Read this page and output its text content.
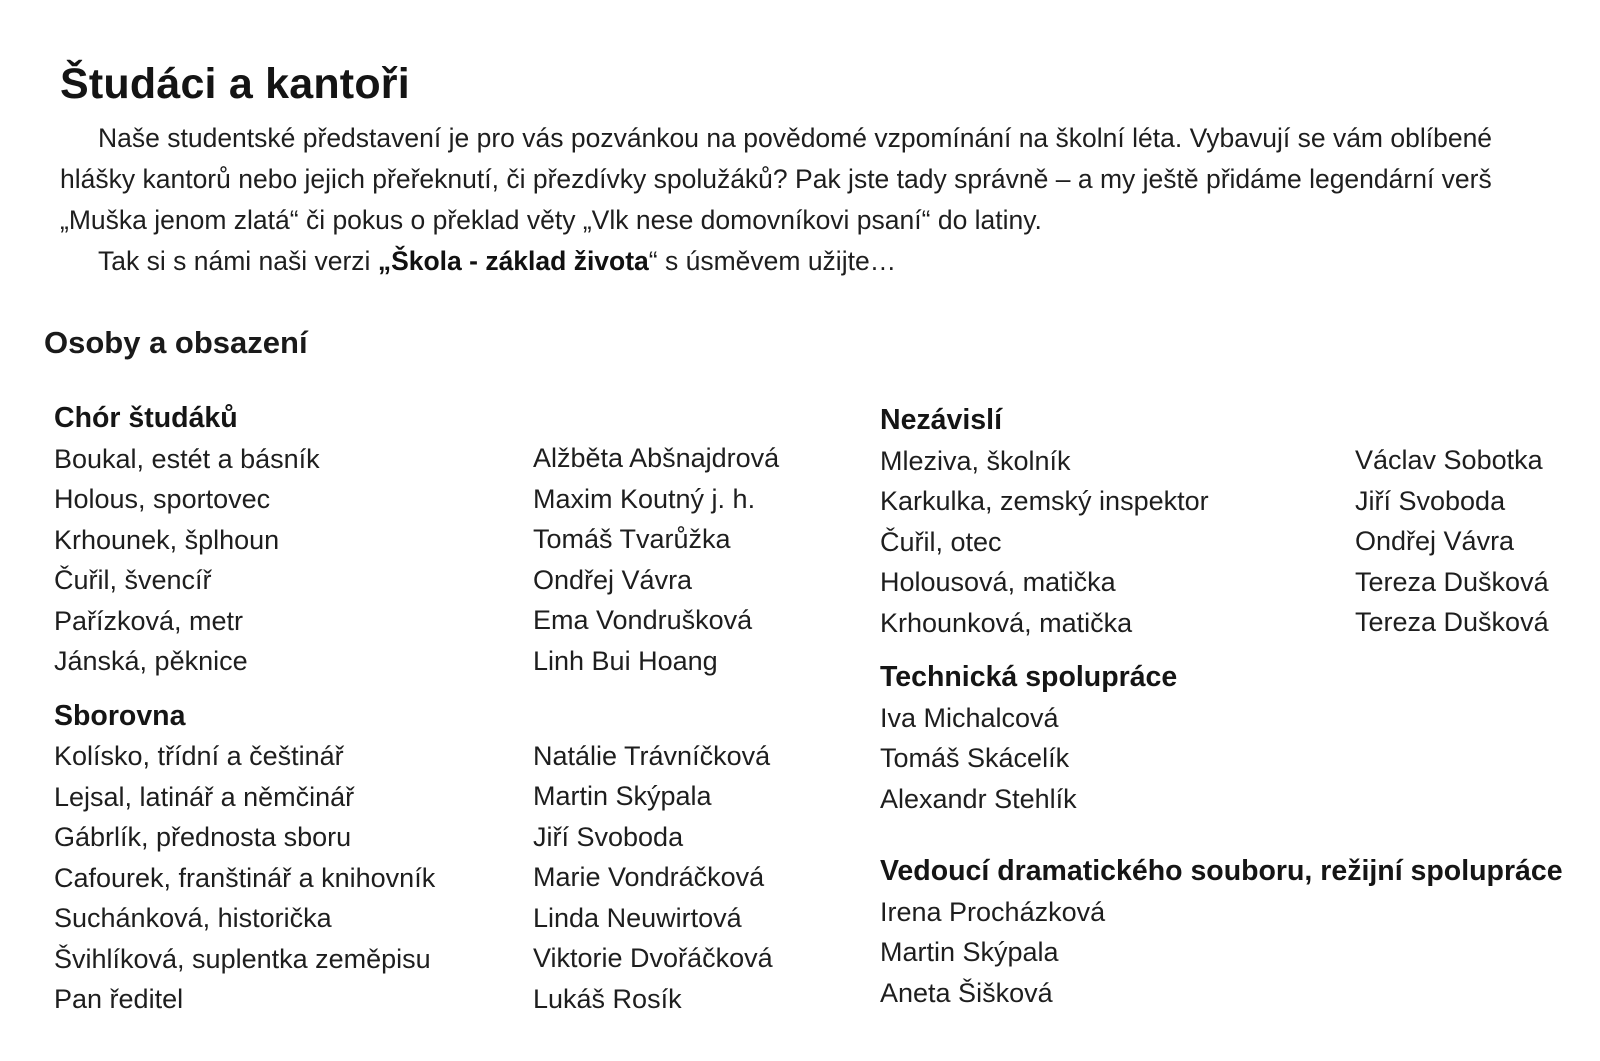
Študáci a kantoři

Naše studentské představení je pro vás pozvánkou na povědomé vzpomínání na školní léta. Vybavují se vám oblíbené hlášky kantorů nebo jejich přeřeknutí, či přezdívky spolužáků? Pak jste tady správně – a my ještě přidáme legendární verš „Muška jenom zlatá“ či pokus o překlad věty „Vlk nese domovníkovi psaní“ do latiny.

Tak si s námi naši verzi „Škola - základ života“ s úsměvem užijte…

Osoby a obsazení
Chór študáků
Boukal, estét a básník
Holous, sportovec
Krhounek, šplhoun
Čuřil, švencíř
Pařízková, metr
Jánská, pěknice
Sborovna
Kolísko, třídní a češtinář
Lejsal, latinář a němčinář
Gábrlík, přednosta sboru
Cafourek, franštinář a knihovník
Suchánková, historička
Švihlíková, suplentka zeměpisu
Pan ředitel
Alžběta Abšnajdrová
Maxim Koutný j. h.
Tomáš Tvarůžka
Ondřej Vávra
Ema Vondrušková
Linh Bui Hoang
Natálie Trávníčková
Martin Skýpala
Jiří Svoboda
Marie Vondráčková
Linda Neuwirtová
Viktorie Dvořáčková
Lukáš Rosík
Nezávislí
Mleziva, školník
Karkulka, zemský inspektor
Čuřil, otec
Holousová, matička
Krhounková, matička
Technická spolupráce
Iva Michalcová
Tomáš Skácelík
Alexandr Stehlík
Vedoucí dramatického souboru, režijní spolupráce
Irena Procházková
Martin Skýpala
Aneta Šišková
Václav Sobotka
Jiří Svoboda
Ondřej Vávra
Tereza Dušková
Tereza Dušková
